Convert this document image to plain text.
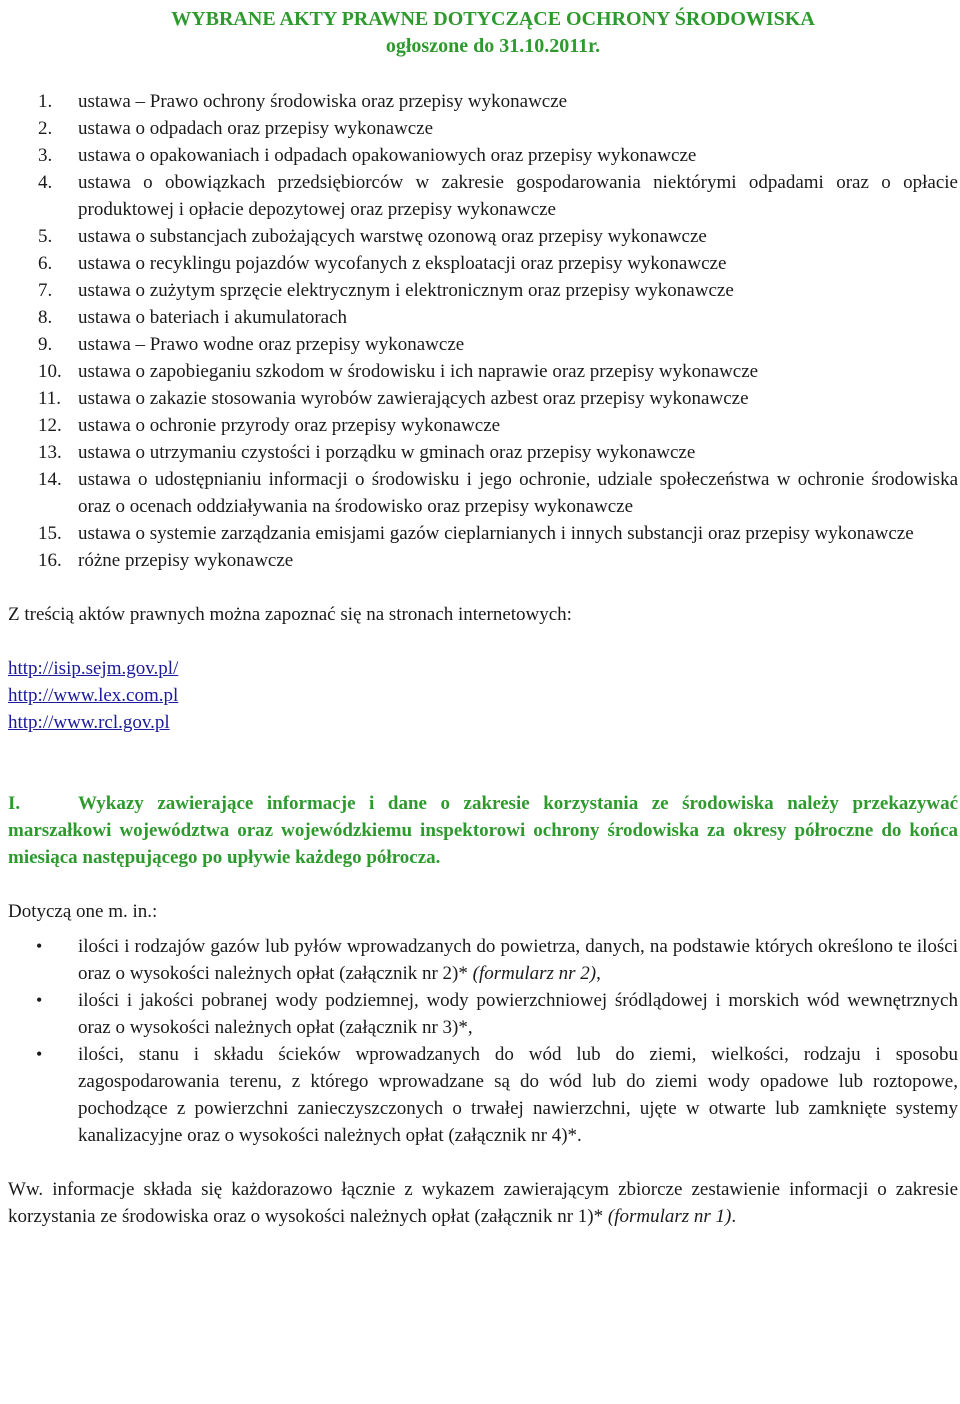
WYBRANE AKTY PRAWNE DOTYCZĄCE OCHRONY ŚRODOWISKA
ogłoszone do 31.10.2011r.

1. ustawa – Prawo ochrony środowiska oraz przepisy wykonawcze
2. ustawa o odpadach oraz przepisy wykonawcze
3. ustawa o opakowaniach i odpadach opakowaniowych oraz przepisy wykonawcze
4. ustawa o obowiązkach przedsiębiorców w zakresie gospodarowania niektórymi odpadami oraz o opłacie produktowej i opłacie depozytowej oraz przepisy wykonawcze
5. ustawa o substancjach zubożających warstwę ozonową oraz przepisy wykonawcze
6. ustawa o recyklingu pojazdów wycofanych z eksploatacji oraz przepisy wykonawcze
7. ustawa o zużytym sprzęcie elektrycznym i elektronicznym oraz przepisy wykonawcze
8. ustawa o bateriach i akumulatorach
9. ustawa – Prawo wodne oraz przepisy wykonawcze
10. ustawa o zapobieganiu szkodom w środowisku i ich naprawie oraz przepisy wykonawcze
11. ustawa o zakazie stosowania wyrobów zawierających azbest oraz przepisy wykonawcze
12. ustawa o ochronie przyrody oraz przepisy wykonawcze
13. ustawa o utrzymaniu czystości i porządku w gminach oraz przepisy wykonawcze
14. ustawa o udostępnianiu informacji o środowisku i jego ochronie, udziale społeczeństwa w ochronie środowiska oraz o ocenach oddziaływania na środowisko oraz przepisy wykonawcze
15. ustawa o systemie zarządzania emisjami gazów cieplarnianych i innych substancji oraz przepisy wykonawcze
16. różne przepisy wykonawcze
Z treścią aktów prawnych można zapoznać się na stronach internetowych:
http://isip.sejm.gov.pl/
http://www.lex.com.pl
http://www.rcl.gov.pl
I.	Wykazy zawierające informacje i dane o zakresie korzystania ze środowiska należy przekazywać marszałkowi województwa oraz wojewódzkiemu inspektorowi ochrony środowiska za okresy półroczne do końca miesiąca następującego po upływie każdego półrocza.
Dotyczą one m. in.:
• ilości i rodzajów gazów lub pyłów wprowadzanych do powietrza, danych, na podstawie których określono te ilości oraz o wysokości należnych opłat (załącznik nr 2)* (formularz nr 2),
• ilości i jakości pobranej wody podziemnej, wody powierzchniowej śródlądowej i morskich wód wewnętrznych oraz o wysokości należnych opłat (załącznik nr 3)*,
• ilości, stanu i składu ścieków wprowadzanych do wód lub do ziemi, wielkości, rodzaju i sposobu zagospodarowania terenu, z którego wprowadzane są do wód lub do ziemi wody opadowe lub roztopowe, pochodzące z powierzchni zanieczyszczonych o trwałej nawierzchni, ujęte w otwarte lub zamknięte systemy kanalizacyjne oraz o wysokości należnych opłat (załącznik nr 4)*.
Ww. informacje składa się każdorazowo łącznie z wykazem zawierającym zbiorcze zestawienie informacji o zakresie korzystania ze środowiska oraz o wysokości należnych opłat (załącznik nr 1)* (formularz nr 1).
